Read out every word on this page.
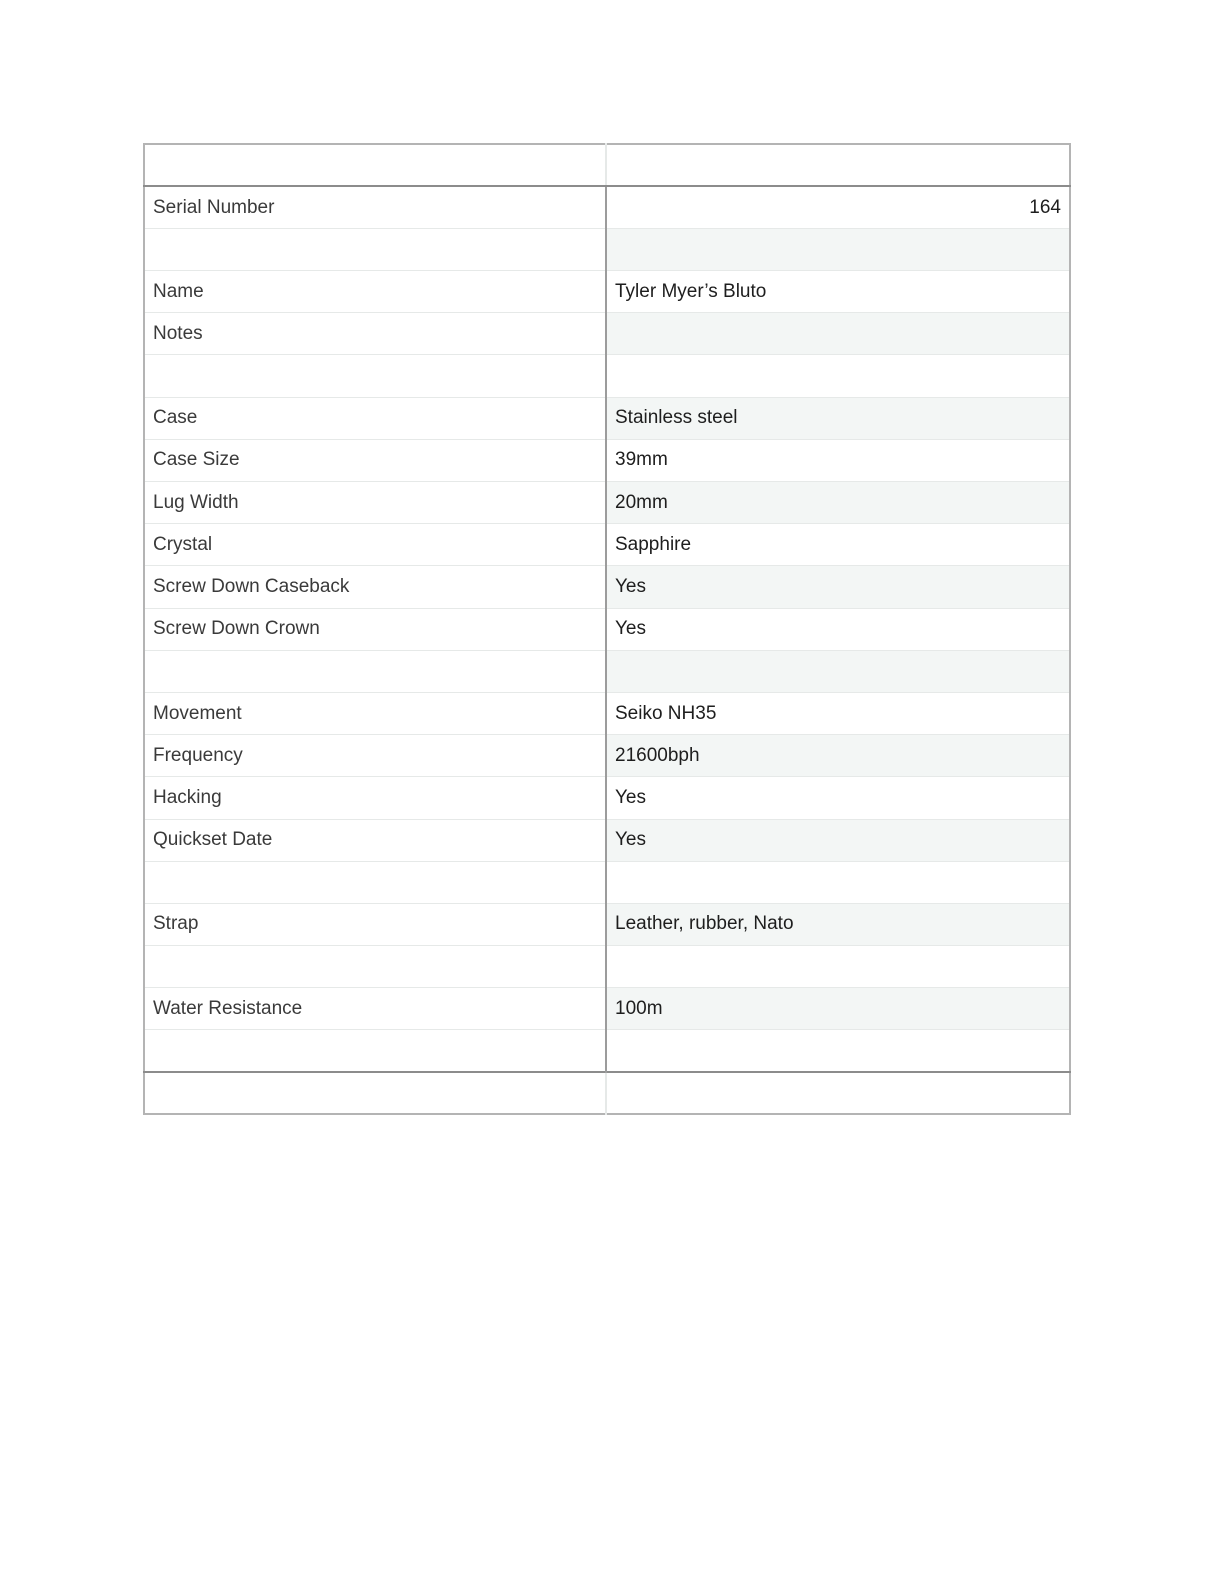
Serial Number	164

Name	Tyler Myer’s Bluto
Notes	

Case	Stainless steel
Case Size	39mm
Lug Width	20mm
Crystal	Sapphire
Screw Down Caseback	Yes
Screw Down Crown	Yes

Movement	Seiko NH35
Frequency	21600bph
Hacking	Yes
Quickset Date	Yes

Strap	Leather, rubber, Nato

Water Resistance	100m
